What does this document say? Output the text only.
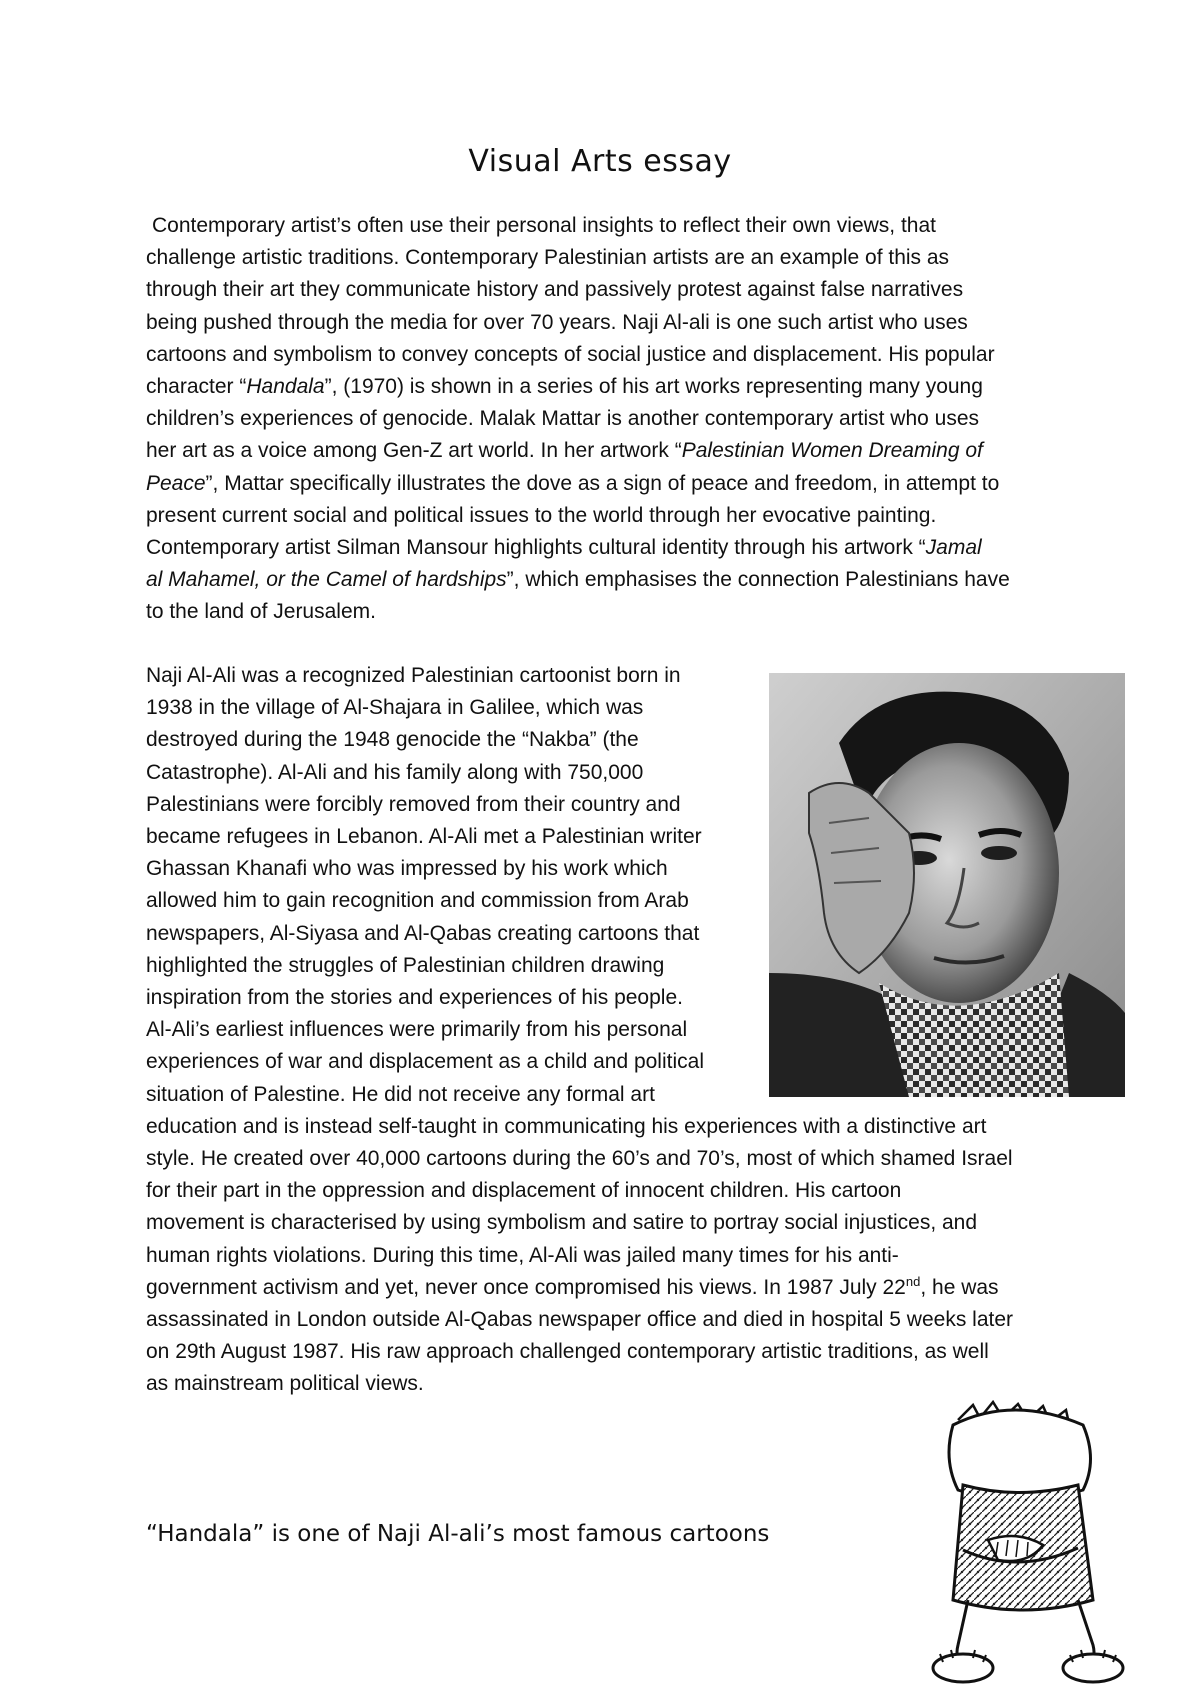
Visual Arts essay
Contemporary artist’s often use their personal insights to reflect their own views, that
challenge artistic traditions. Contemporary Palestinian artists are an example of this as
through their art they communicate history and passively protest against false narratives
being pushed through the media for over 70 years. Naji Al-ali is one such artist who uses
cartoons and symbolism to convey concepts of social justice and displacement. His popular
character “Handala”, (1970) is shown in a series of his art works representing many young
children’s experiences of genocide. Malak Mattar is another contemporary artist who uses
her art as a voice among Gen-Z art world. In her artwork “Palestinian Women Dreaming of
Peace”, Mattar specifically illustrates the dove as a sign of peace and freedom, in attempt to
present current social and political issues to the world through her evocative painting.
Contemporary artist Silman Mansour highlights cultural identity through his artwork “Jamal
al Mahamel, or the Camel of hardships”, which emphasises the connection Palestinians have
to the land of Jerusalem.
Naji Al-Ali was a recognized Palestinian cartoonist born in
1938 in the village of Al-Shajara in Galilee, which was
destroyed during the 1948 genocide the “Nakba” (the
Catastrophe). Al-Ali and his family along with 750,000
Palestinians were forcibly removed from their country and
became refugees in Lebanon. Al-Ali met a Palestinian writer
Ghassan Khanafi who was impressed by his work which
allowed him to gain recognition and commission from Arab
newspapers, Al-Siyasa and Al-Qabas creating cartoons that
highlighted the struggles of Palestinian children drawing
inspiration from the stories and experiences of his people.
Al-Ali’s earliest influences were primarily from his personal
experiences of war and displacement as a child and political
situation of Palestine. He did not receive any formal art
education and is instead self-taught in communicating his experiences with a distinctive art
style. He created over 40,000 cartoons during the 60’s and 70’s, most of which shamed Israel
for their part in the oppression and displacement of innocent children. His cartoon
movement is characterised by using symbolism and satire to portray social injustices, and
human rights violations. During this time, Al-Ali was jailed many times for his anti-
government activism and yet, never once compromised his views. In 1987 July 22nd, he was
assassinated in London outside Al-Qabas newspaper office and died in hospital 5 weeks later
on 29th August 1987. His raw approach challenged contemporary artistic traditions, as well
as mainstream political views.
“Handala” is one of Naji Al-ali’s most famous cartoons
